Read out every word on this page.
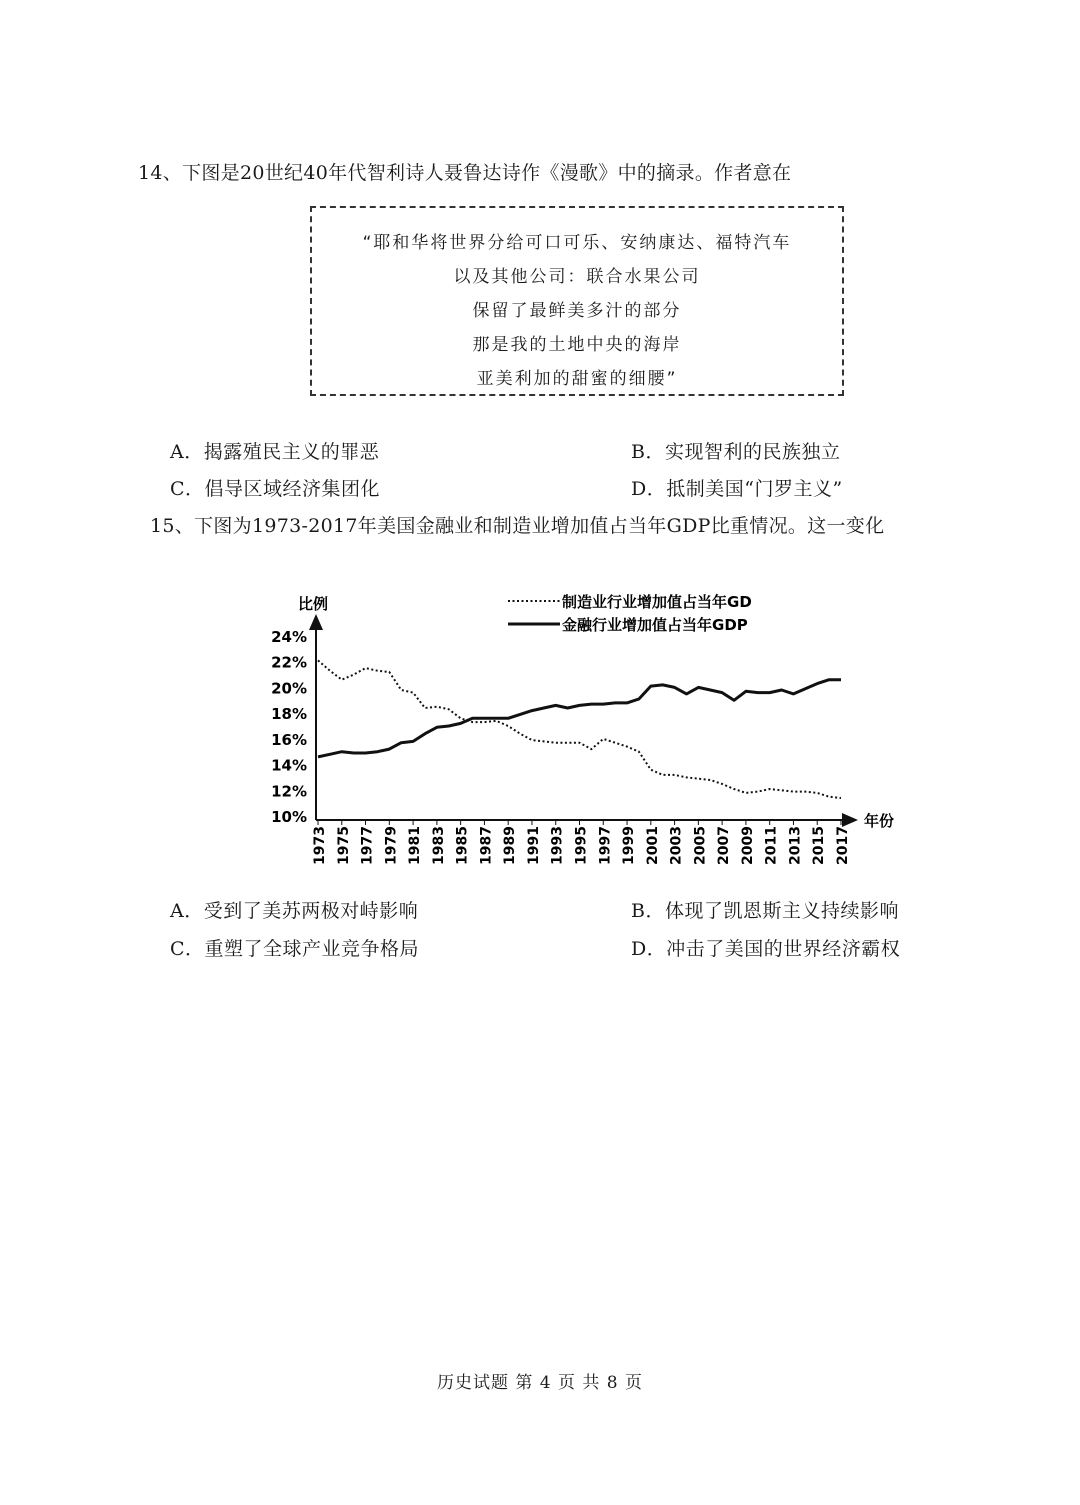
14、下图是20世纪40年代智利诗人聂鲁达诗作《漫歌》中的摘录。作者意在
“耶和华将世界分给可口可乐、安纳康达、福特汽车
以及其他公司：联合水果公司
保留了最鲜美多汁的部分
那是我的土地中央的海岸
亚美利加的甜蜜的细腰”
A．揭露殖民主义的罪恶	B．实现智利的民族独立
C．倡导区域经济集团化	D．抵制美国“门罗主义”
15、下图为1973-2017年美国金融业和制造业增加值占当年GDP比重情况。这一变化
24%
22%
20%
18%
16%
14%
12%
10%
1973 1975 1977 1979 1981 1983 1985 1987 1989 1991 1993 1995 1997 1999 2001 2003 2005 2007 2009 2011 2013 2015 2017
制造业行业增加值占当年GD
金融行业增加值占当年GDP
比例
年份
A．受到了美苏两极对峙影响	B．体现了凯恩斯主义持续影响
C．重塑了全球产业竞争格局	D．冲击了美国的世界经济霸权
历史试题 第 4 页 共 8 页
